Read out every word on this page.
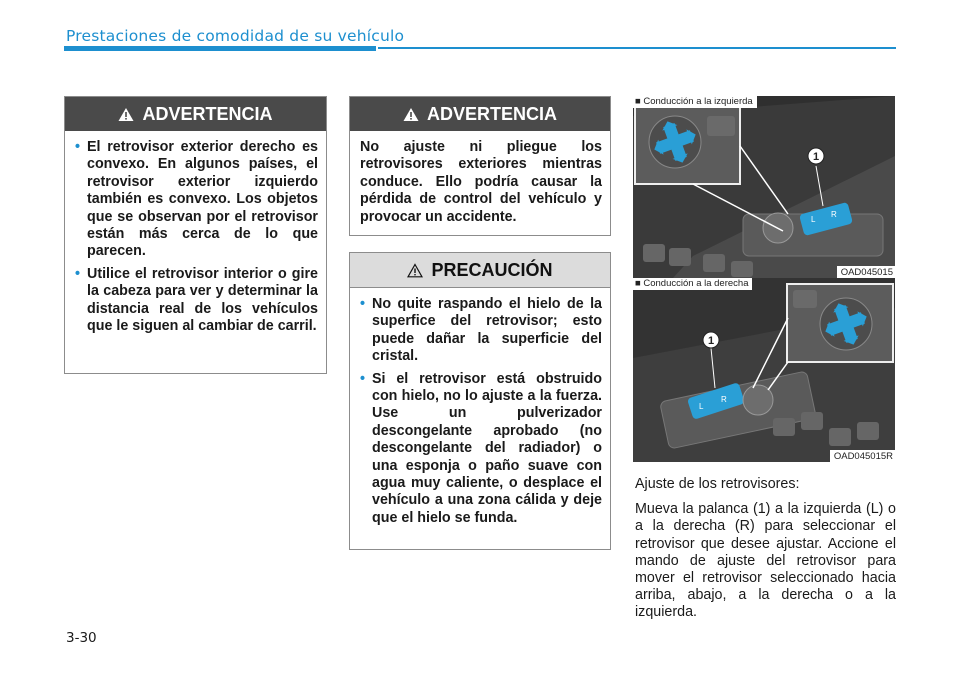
Prestaciones de comodidad de su vehículo
ADVERTENCIA
• El retrovisor exterior derecho es convexo. En algunos países, el retrovisor exterior izquierdo también es convexo. Los objetos que se observan por el retrovisor están más cerca de lo que parecen.
• Utilice el retrovisor interior o gire la cabeza para ver y determinar la distancia real de los vehículos que le siguen al cambiar de carril.
ADVERTENCIA
No ajuste ni pliegue los retrovisores exteriores mientras conduce. Ello podría causar la pérdida de control del vehículo y provocar un accidente.
PRECAUCIÓN
• No quite raspando el hielo de la superfice del retrovisor; esto puede dañar la superficie del cristal.
• Si el retrovisor está obstruido con hielo, no lo ajuste a la fuerza. Use un pulverizador descongelante aprobado (no descongelante del radiador) o una esponja o paño suave con agua muy caliente, o desplace el vehículo a una zona cálida y deje que el hielo se funda.
L
R
1
■ Conducción a la izquierda
OAD045015
L
R
1
■ Conducción a la derecha
OAD045015R

Ajuste de los retrovisores:

Mueva la palanca (1) a la izquierda (L) o a la derecha (R) para seleccionar el retrovisor que desee ajustar. Accione el mando de ajuste del retrovisor para mover el retrovisor seleccionado hacia arriba, abajo, a la derecha o a la izquierda.

3-30
